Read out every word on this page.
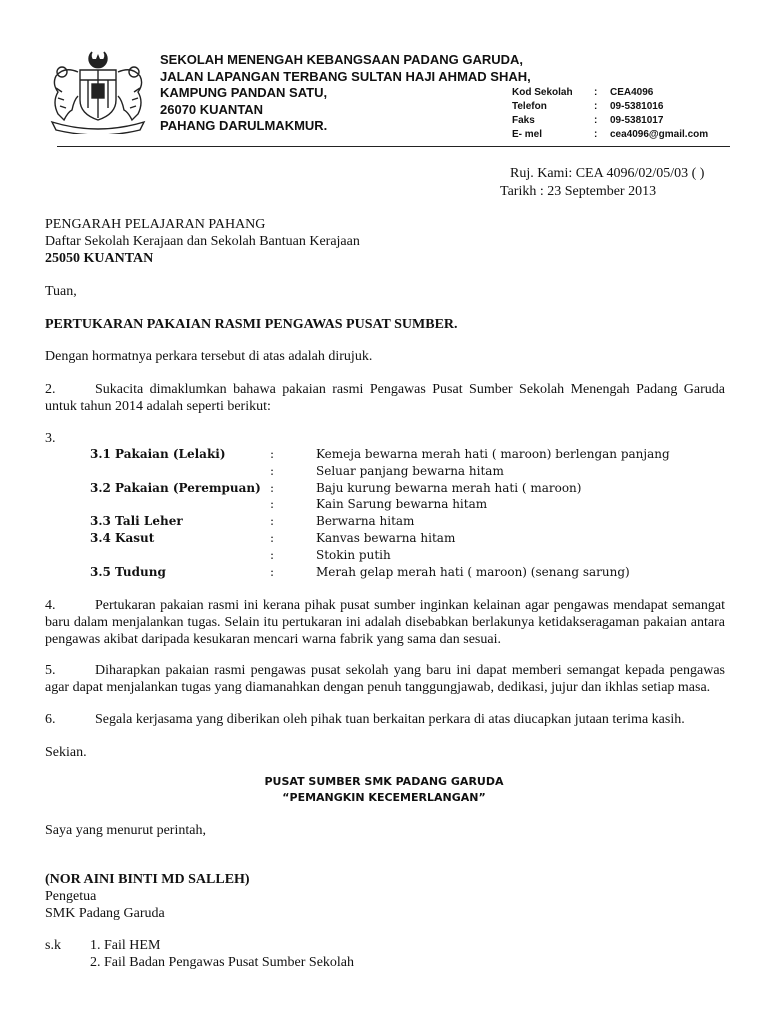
SEKOLAH MENENGAH KEBANGSAAN PADANG GARUDA,
JALAN LAPANGAN TERBANG SULTAN HAJI AHMAD SHAH,
KAMPUNG PANDAN SATU,
26070 KUANTAN
PAHANG DARULMAKMUR.
Kod Sekolah	:	CEA4096
Telefon	:	09-5381016
Faks	:	09-5381017
E- mel	:	cea4096@gmail.com
Ruj. Kami: CEA 4096/02/05/03 ( )
Tarikh : 23 September 2013
PENGARAH PELAJARAN PAHANG
Daftar Sekolah Kerajaan dan Sekolah Bantuan Kerajaan
25050 KUANTAN
Tuan,
PERTUKARAN PAKAIAN RASMI PENGAWAS PUSAT SUMBER.
Dengan hormatnya perkara tersebut di atas adalah dirujuk.
2.	Sukacita dimaklumkan bahawa pakaian rasmi Pengawas Pusat Sumber Sekolah Menengah Padang Garuda untuk tahun 2014 adalah seperti berikut:
3.
3.1 Pakaian (Lelaki)	:	Kemeja bewarna merah hati ( maroon) berlengan panjang
:	Seluar panjang bewarna hitam
3.2 Pakaian (Perempuan) :	Baju kurung bewarna merah hati ( maroon)
:	Kain Sarung bewarna hitam
3.3 Tali Leher	:	Berwarna hitam
3.4 Kasut	:	Kanvas bewarna hitam
:	Stokin putih
3.5 Tudung	:	Merah gelap merah hati ( maroon) (senang sarung)
4.	Pertukaran pakaian rasmi ini kerana pihak pusat sumber inginkan kelainan agar pengawas mendapat semangat baru dalam menjalankan tugas. Selain itu pertukaran ini adalah disebabkan berlakunya ketidakseragaman pakaian antara pengawas akibat daripada kesukaran mencari warna fabrik yang sama dan sesuai.
5.	Diharapkan pakaian rasmi pengawas pusat sekolah yang baru ini dapat memberi semangat kepada pengawas agar dapat menjalankan tugas yang diamanahkan dengan penuh tanggungjawab, dedikasi, jujur dan ikhlas setiap masa.
6.	Segala kerjasama yang diberikan oleh pihak tuan berkaitan perkara di atas diucapkan jutaan terima kasih.
Sekian.
PUSAT SUMBER SMK PADANG GARUDA
“PEMANGKIN KECEMERLANGAN”
Saya yang menurut perintah,
(NOR AINI BINTI MD SALLEH)
Pengetua
SMK Padang Garuda
s.k	1. Fail HEM
2. Fail Badan Pengawas Pusat Sumber Sekolah
